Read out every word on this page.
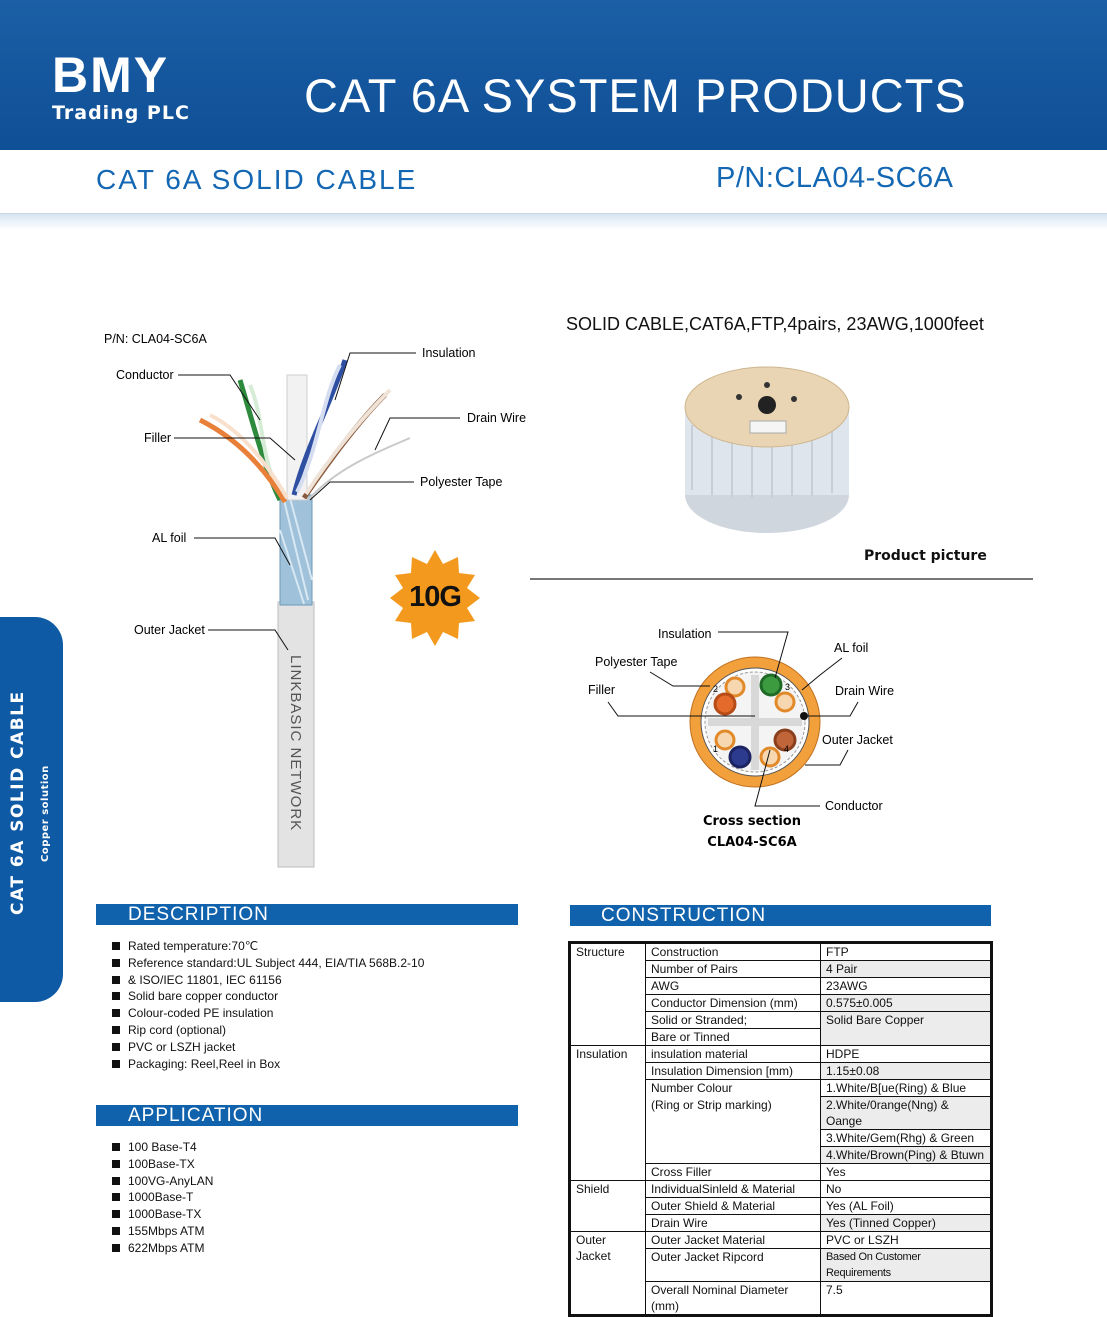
BMY
Trading PLC	CAT 6A SYSTEM PRODUCTS
CAT 6A SOLID CABLE	P/N:CLA04-SC6A
CAT 6A SOLID CABLE Copper solution	LINKBASIC NETWORK
P/N: CLA04-SC6A
Conductor
Insulation
Filler
Drain Wire
Polyester Tape
AL foil
Outer Jacket
10G
SOLID CABLE,CAT6A,FTP,4pairs, 23AWG,1000feet
Product picture
2	3
1	4
Insulation
AL foil
Polyester Tape
Filler	Drain Wire
Outer Jacket
Conductor
Cross section
CLA04-SC6A
DESCRIPTION
Rated temperature:70℃
Reference standard:UL Subject 444, EIA/TIA 568B.2-10
& ISO/IEC 11801, IEC 61156
Solid bare copper conductor
Colour-coded PE insulation
Rip cord (optional)
PVC or LSZH jacket
Packaging: Reel,Reel in Box
APPLICATION
100 Base-T4
100Base-TX
100VG-AnyLAN
1000Base-T
1000Base-TX
155Mbps ATM
622Mbps ATM
CONSTRUCTION
Structure	Construction	FTP
	Number of Pairs	4 Pair
	AWG	23AWG
	Conductor Dimension (mm)	0.575±0.005
	Solid or Stranded;	Solid Bare Copper
	Bare or Tinned	
Insulation	insulation material	HDPE
	Insulation Dimension [mm)	1.15±0.08
	Number Colour	1.White/B[ue(Ring) & Blue
	(Ring or Strip marking)	2.White/0range(Nng) & Oange
		3.White/Gem(Rhg) & Green
		4.White/Brown(Ping) & Btuwn
	Cross Filler	Yes
Shield	IndividualSinleld & Material	No
	Outer Shield & Material	Yes (AL Foil)
	Drain Wire	Yes (Tinned Copper)
Outer Jacket	Outer Jacket Material	PVC or LSZH
	Outer Jacket Ripcord	Based On Customer Requirements
	Overall Nominal Diameter (mm)	7.5
